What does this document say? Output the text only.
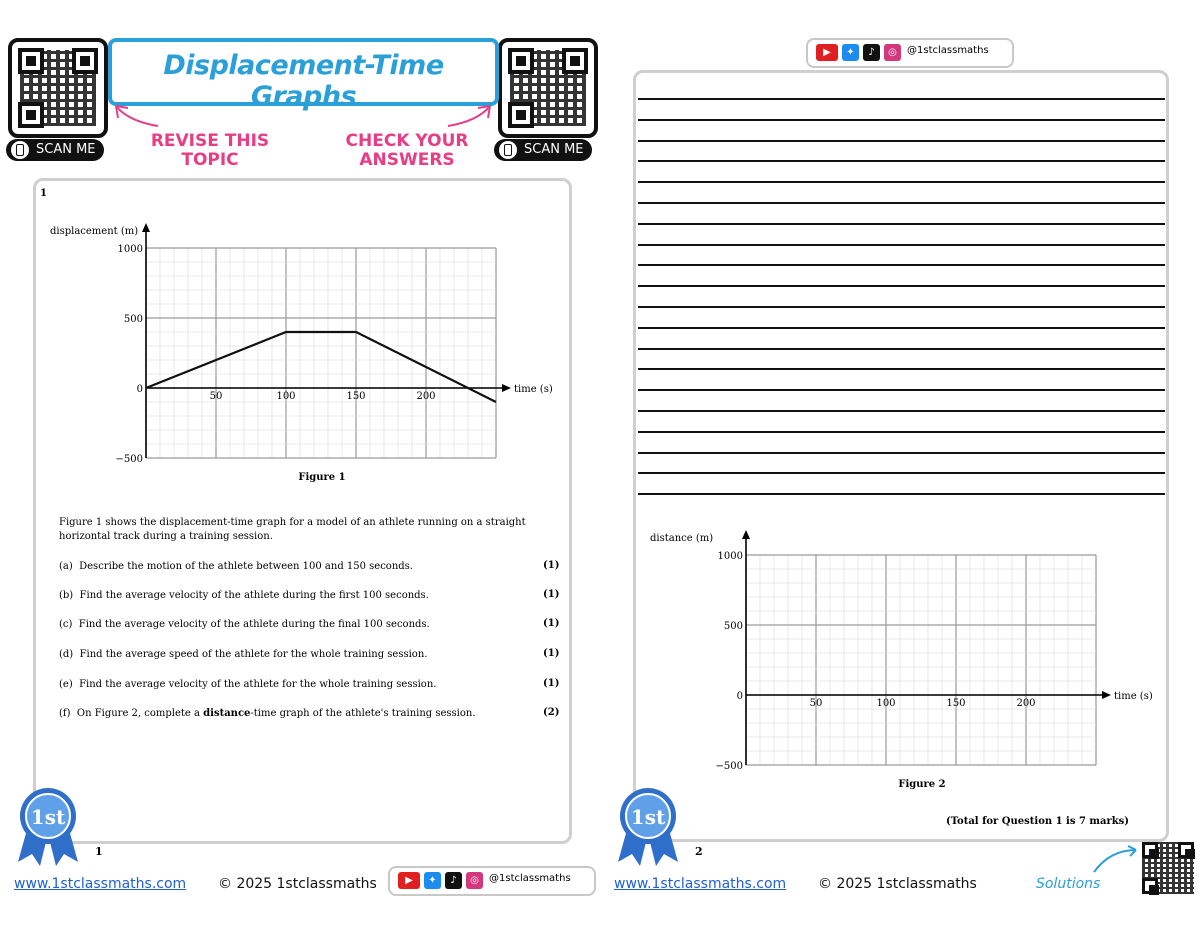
SCAN ME	SCAN ME
Displacement-Time Graphs
REVISE THIS
TOPIC
CHECK YOUR
ANSWERS
1
50	100	150	200
1000
500
0
−500
displacement (m)
time (s)
Figure 1
Figure 1 shows the displacement-time graph for a model of an athlete running on a straight horizontal track during a training session.
(a) Describe the motion of the athlete between 100 and 150 seconds.	(1)
(b) Find the average velocity of the athlete during the first 100 seconds.	(1)
(c) Find the average velocity of the athlete during the final 100 seconds.	(1)
(d) Find the average speed of the athlete for the whole training session.	(1)
(e) Find the average velocity of the athlete for the whole training session.	(1)
(f) On Figure 2, complete a distance-time graph of the athlete's training session.	(2)
1st
1
www.1stclassmaths.com © 2025 1stclassmaths	▶	✦	♪	◎	@1stclassmaths
▶	✦	♪	◎	@1stclassmaths
50	100	150	200
1000
500
0
−500
distance (m)
time (s)
Figure 2
(Total for Question 1 is 7 marks)
1st
2
www.1stclassmaths.com © 2025 1stclassmaths	Solutions
